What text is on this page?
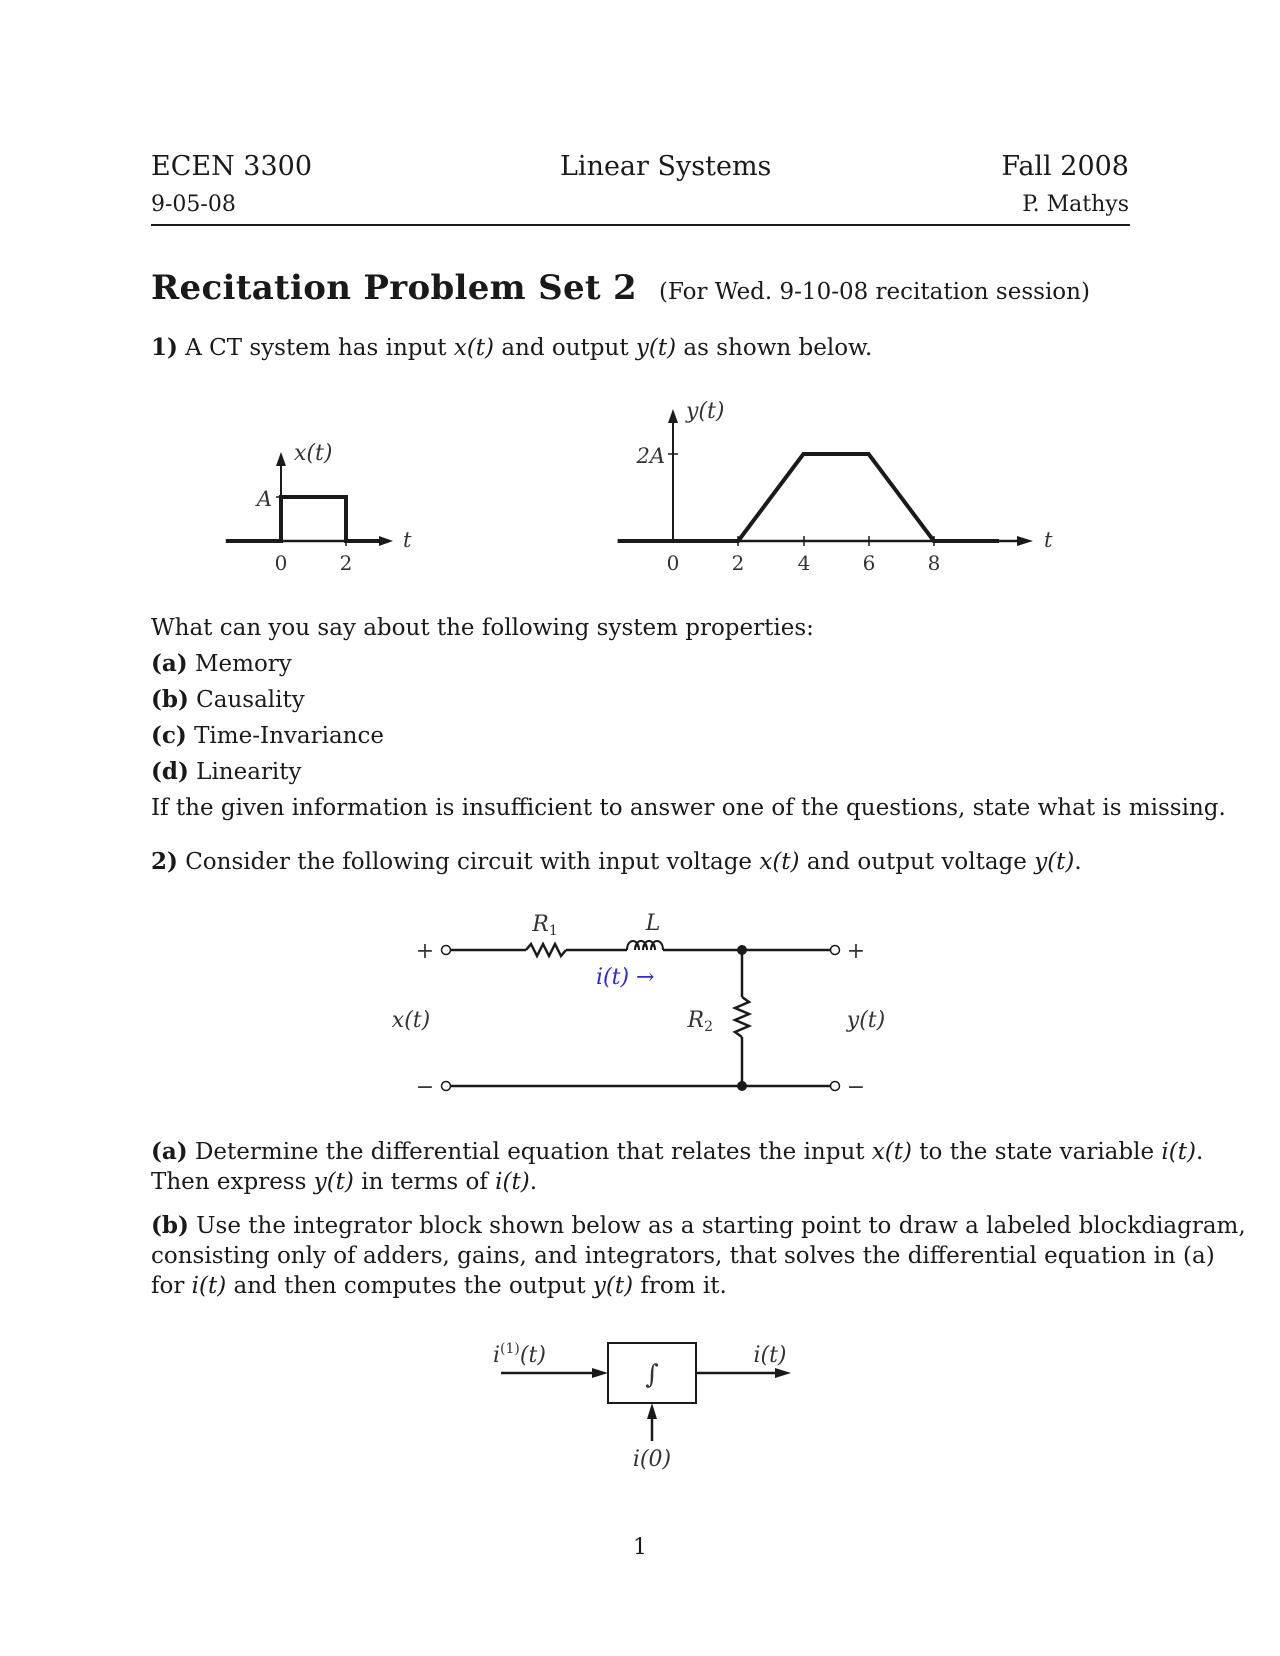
ECEN 3300	Linear Systems	Fall 2008
9-05-08	P. Mathys
Recitation Problem Set 2 (For Wed. 9-10-08 recitation session)
1) A CT system has input x(t) and output y(t) as shown below.
x(t)
A
t
0	2
y(t)
2A
t
0	2	4	6	8
What can you say about the following system properties:
(a) Memory
(b) Causality
(c) Time-Invariance
(d) Linearity
If the given information is insufficient to answer one of the questions, state what is missing.
2) Consider the following circuit with input voltage x(t) and output voltage y(t).
R1	L
i(t) →
R2
x(t)	y(t)
+
−
+
−
(a) Determine the differential equation that relates the input x(t) to the state variable i(t).
Then express y(t) in terms of i(t).
(b) Use the integrator block shown below as a starting point to draw a labeled blockdiagram,
consisting only of adders, gains, and integrators, that solves the differential equation in (a)
for i(t) and then computes the output y(t) from it.
∫
$i^{(1)}(t)$	i(t)
i(0)
1
